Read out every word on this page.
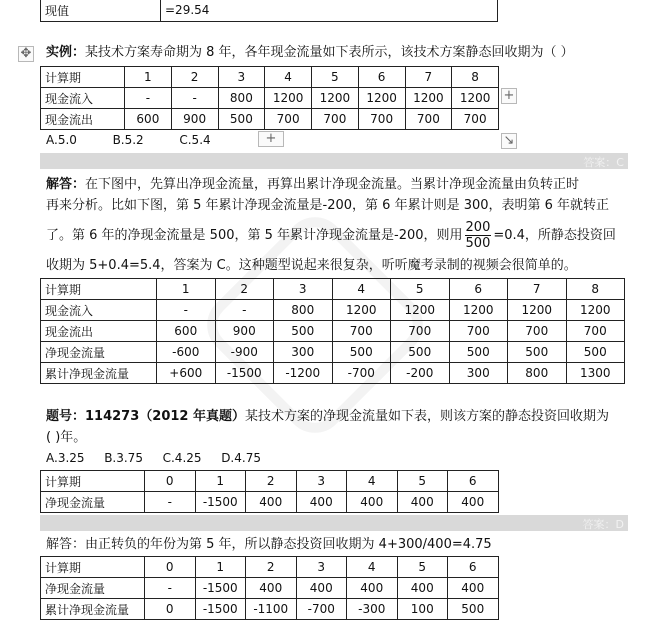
现值	=29.54
✥ 实例：某技术方案寿命期为 8 年，各年现金流量如下表所示，该技术方案静态回收期为（ ）
计算期	1	2	3	4	5	6	7	8
现金流入	-	-	800	1200	1200	1200	1200	1200
现金流出	600	900	500	700	700	700	700	700
+
+	↘
A.5.0	B.5.2	C.5.4
答案：C
解答：在下图中，先算出净现金流量，再算出累计净现金流量。当累计净现金流量由负转正时
再来分析。比如下图，第 5 年累计净现金流量是-200，第 6 年累计则是 300，表明第 6 年就转正
了。第 6 年的净现金流量是 500，第 5 年累计净现金流量是-200，则用 $\frac{200}{500} =0.4$，所静态投资回
收期为 5+0.4=5.4，答案为 C。这种题型说起来很复杂，听听魔考录制的视频会很简单的。
计算期	1	2	3	4	5	6	7	8
现金流入	-	-	800	1200	1200	1200	1200	1200
现金流出	600	900	500	700	700	700	700	700
净现金流量	-600	-900	300	500	500	500	500	500
累计净现金流量	+600	-1500	-1200	-700	-200	300	800	1300
题号：114273（2012 年真题）某技术方案的净现金流量如下表，则该方案的静态投资回收期为
( )年。
A.3.25 B.3.75 C.4.25 D.4.75
计算期	0	1	2	3	4	5	6
净现金流量	-	-1500	400	400	400	400	400
答案：D
解答：由正转负的年份为第 5 年，所以静态投资回收期为 4+300/400=4.75
计算期	0	1	2	3	4	5	6
净现金流量	-	-1500	400	400	400	400	400
累计净现金流量	0	-1500	-1100	-700	-300	100	500
